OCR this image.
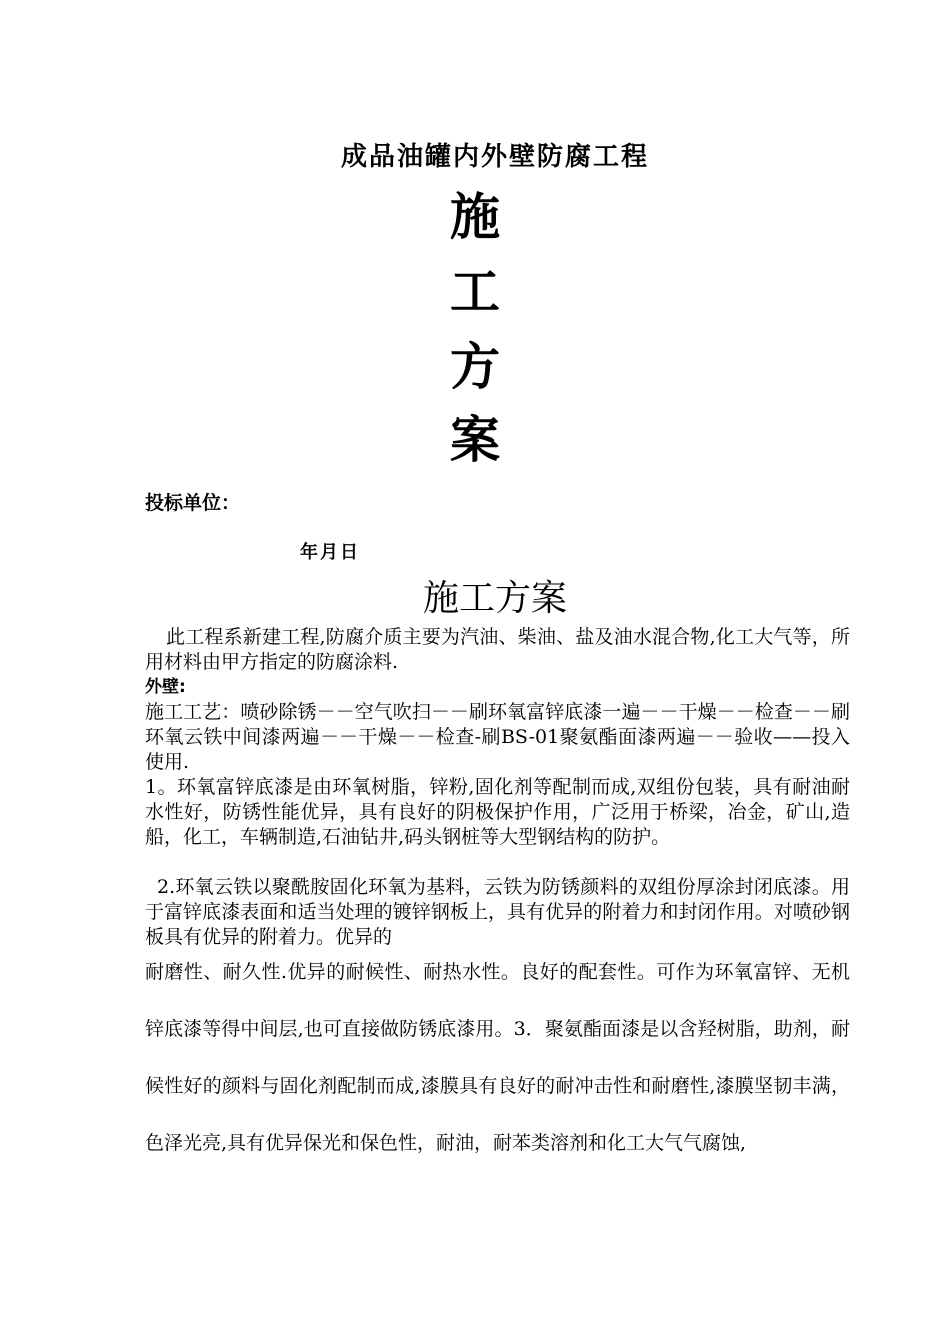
成品油罐内外壁防腐工程
施
工
方
案
投标单位：
年月日
施工方案
此工程系新建工程,防腐介质主要为汽油、柴油、盐及油水混合物,化工大气等，所用材料由甲方指定的防腐涂料.
外壁:
施工工艺：喷砂除锈－－空气吹扫－－刷环氧富锌底漆一遍－－干燥－－检查－－刷环氧云铁中间漆两遍－－干燥－－检查-刷BS-01聚氨酯面漆两遍－－验收——投入使用.
1。环氧富锌底漆是由环氧树脂，锌粉,固化剂等配制而成,双组份包装，具有耐油耐水性好，防锈性能优异，具有良好的阴极保护作用，广泛用于桥梁，冶金，矿山,造船，化工，车辆制造,石油钻井,码头钢桩等大型钢结构的防护。
2.环氧云铁以聚酰胺固化环氧为基料，云铁为防锈颜料的双组份厚涂封闭底漆。用于富锌底漆表面和适当处理的镀锌钢板上，具有优异的附着力和封闭作用。对喷砂钢板具有优异的附着力。优异的
耐磨性、耐久性.优异的耐候性、耐热水性。良好的配套性。可作为环氧富锌、无机锌底漆等得中间层,也可直接做防锈底漆用。3．聚氨酯面漆是以含羟树脂，助剂，耐候性好的颜料与固化剂配制而成,漆膜具有良好的耐冲击性和耐磨性,漆膜坚韧丰满，色泽光亮,具有优异保光和保色性，耐油，耐苯类溶剂和化工大气气腐蚀,
